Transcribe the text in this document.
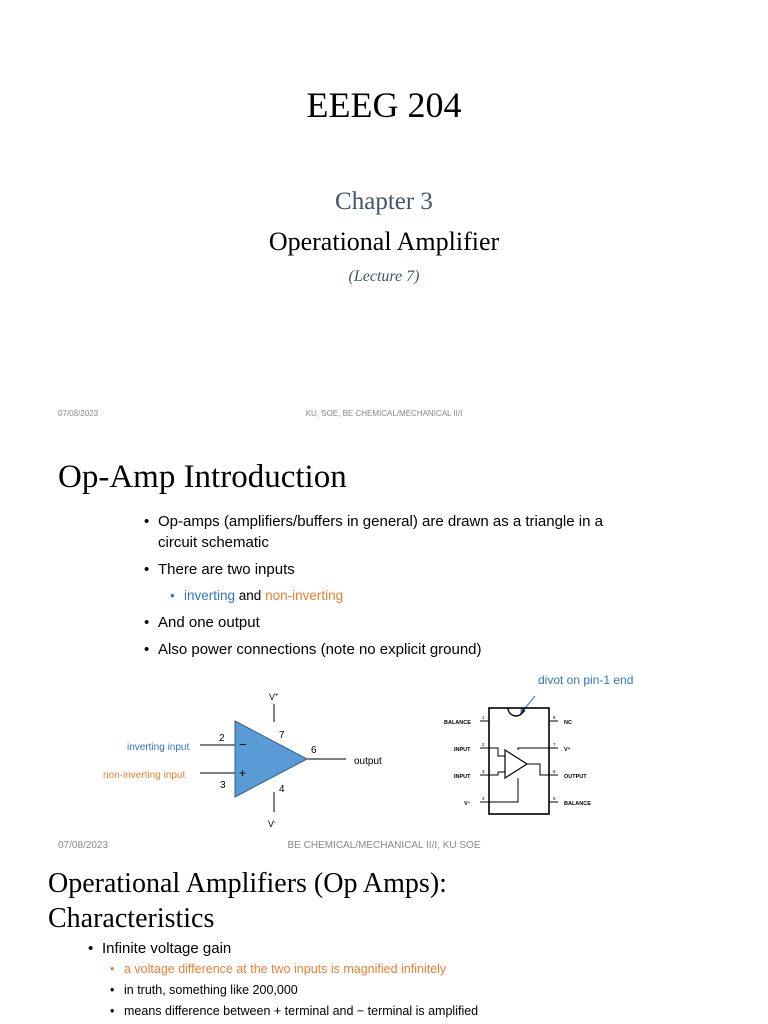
EEEG 204
Chapter 3
Operational Amplifier
(Lecture 7)
07/08/2023	KU, SOE, BE CHEMICAL/MECHANICAL II/I
Op-Amp Introduction
• Op-amps (amplifiers/buffers in general) are drawn as a triangle in a circuit schematic
• There are two inputs
• inverting and non-inverting
• And one output
• Also power connections (note no explicit ground)
V+
V-
2
3
7
4
6
−
+
inverting input
non-inverting input
output
divot on pin-1 end
BALANCE
INPUT
INPUT
V⁻
NC
V⁺
OUTPUT
BALANCE
1
2
3
4
8
7
6
5
07/08/2023	BE CHEMICAL/MECHANICAL II/I, KU SOE
Operational Amplifiers (Op Amps):
Characteristics
• Infinite voltage gain
• a voltage difference at the two inputs is magnified infinitely
• in truth, something like 200,000
• means difference between + terminal and − terminal is amplified
